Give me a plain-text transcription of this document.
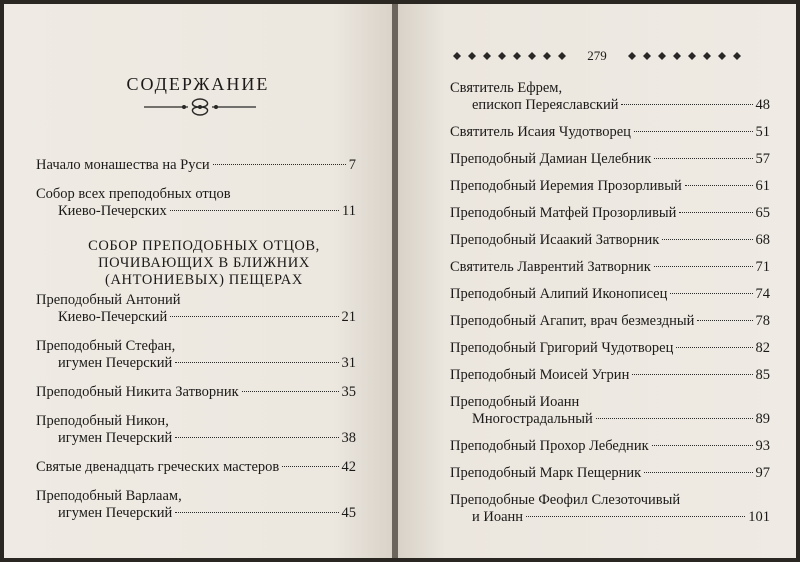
СОДЕРЖАНИЕ
Начало монашества на Руси	7
Собор всех преподобных отцов
Киево-Печерских	11
СОБОР ПРЕПОДОБНЫХ ОТЦОВ, ПОЧИВАЮЩИХ В БЛИЖНИХ (АНТОНИЕВЫХ) ПЕЩЕРАХ
Преподобный Антоний
Киево-Печерский	21
Преподобный Стефан,
игумен Печерский	31
Преподобный Никита Затворник	35
Преподобный Никон,
игумен Печерский	38
Святые двенадцать греческих мастеров	42
Преподобный Варлаам,
игумен Печерский	45
279
Святитель Ефрем,
епископ Переяславский	48
Святитель Исаия Чудотворец	51
Преподобный Дамиан Целебник	57
Преподобный Иеремия Прозорливый	61
Преподобный Матфей Прозорливый	65
Преподобный Исаакий Затворник	68
Святитель Лаврентий Затворник	71
Преподобный Алипий Иконописец	74
Преподобный Агапит, врач безмездный	78
Преподобный Григорий Чудотворец	82
Преподобный Моисей Угрин	85
Преподобный Иоанн
Многострадальный	89
Преподобный Прохор Лебедник	93
Преподобный Марк Пещерник	97
Преподобные Феофил Слезоточивый
и Иоанн	101
